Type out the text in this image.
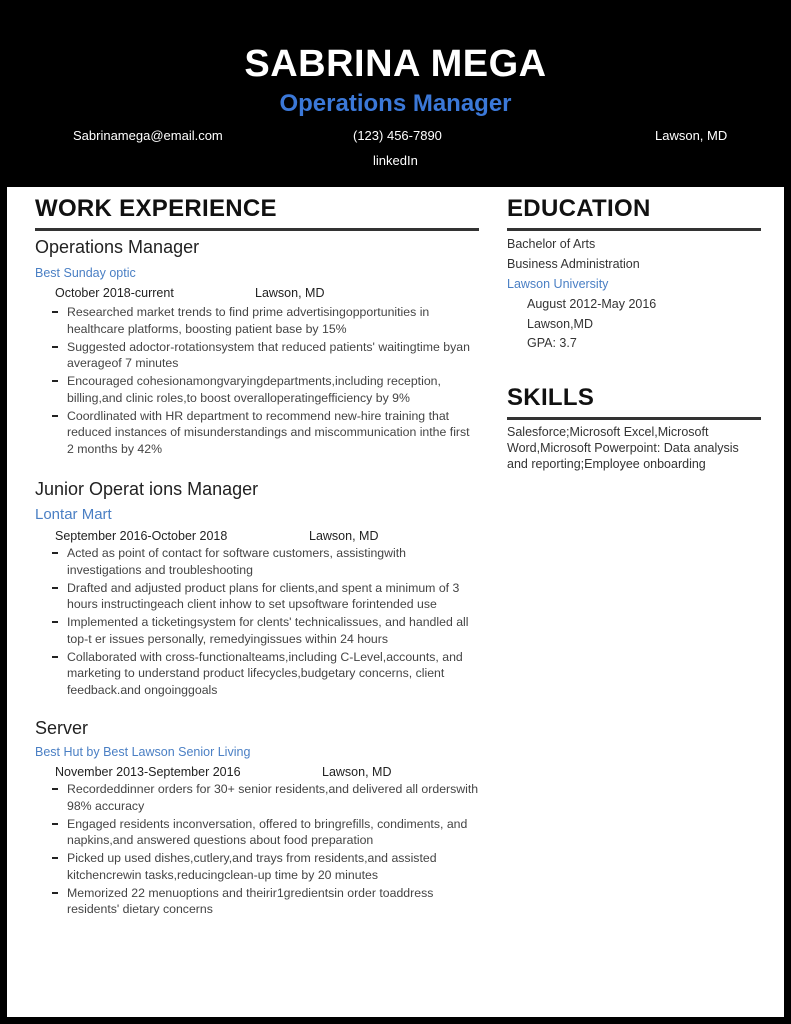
SABRINA MEGA
Operations Manager
Sabrinamega@email.com	(123) 456-7890	Lawson, MD
linkedIn
WORK EXPERIENCE
Operations Manager
Best Sunday optic
October 2018-current	Lawson, MD
Researched market trends to find prime advertisingopportunities in healthcare platforms, boosting patient base by 15%
Suggested adoctor-rotationsystem that reduced patients' waitingtime byan averageof 7 minutes
Encouraged cohesionamongvaryingdepartments,including reception, billing,and clinic roles,to boost overalloperatingefficiency by 9%
Coordlinated with HR department to recommend new-hire training that reduced instances of misunderstandings and miscommunication inthe first 2 months by 42%
Junior Operat ions Manager
Lontar Mart
September 2016-October 2018	Lawson, MD
Acted as point of contact for software customers, assistingwith investigations and troubleshooting
Drafted and adjusted product plans for clients,and spent a minimum of 3 hours instructingeach client inhow to set upsoftware forintended use
Implemented a ticketingsystem for clents' technicalissues, and handled all top-t er issues personally, remedyingissues within 24 hours
Collaborated with cross-functionalteams,including C-Level,accounts, and marketing to understand product lifecycles,budgetary concerns, client feedback.and ongoinggoals
Server
Best Hut by Best Lawson Senior Living
November 2013-September 2016	Lawson, MD
Recordeddinner orders for 30+ senior residents,and delivered all orderswith 98% accuracy
Engaged residents inconversation, offered to bringrefills, condiments, and napkins,and answered questions about food preparation
Picked up used dishes,cutlery,and trays from residents,and assisted kitchencrewin tasks,reducingclean-up time by 20 minutes
Memorized 22 menuoptions and theirir1gredientsin order toaddress residents' dietary concerns
EDUCATION
Bachelor of Arts
Business Administration
Lawson University
August 2012-May 2016
Lawson,MD
GPA: 3.7
SKILLS
Salesforce;Microsoft Excel,Microsoft Word,Microsoft Powerpoint: Data analysis and reporting;Employee onboarding
